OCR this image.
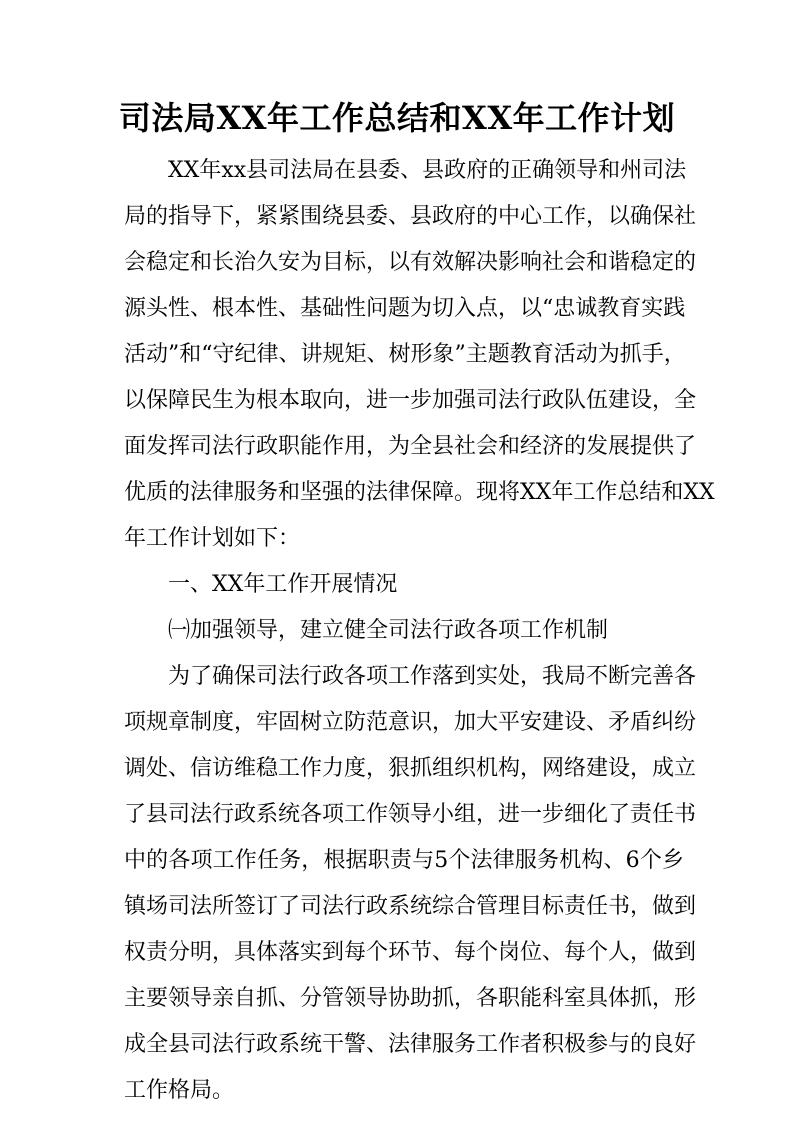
司法局XX年工作总结和XX年工作计划
XX年xx县司法局在县委、县政府的正确领导和州司法
局的指导下，紧紧围绕县委、县政府的中心工作，以确保社
会稳定和长治久安为目标，以有效解决影响社会和谐稳定的
源头性、根本性、基础性问题为切入点，以“忠诚教育实践
活动”和“守纪律、讲规矩、树形象”主题教育活动为抓手，
以保障民生为根本取向，进一步加强司法行政队伍建设，全
面发挥司法行政职能作用，为全县社会和经济的发展提供了
优质的法律服务和坚强的法律保障。现将XX年工作总结和XX
年工作计划如下：
一、XX年工作开展情况
㈠加强领导，建立健全司法行政各项工作机制
为了确保司法行政各项工作落到实处，我局不断完善各
项规章制度，牢固树立防范意识，加大平安建设、矛盾纠纷
调处、信访维稳工作力度，狠抓组织机构，网络建设，成立
了县司法行政系统各项工作领导小组，进一步细化了责任书
中的各项工作任务，根据职责与5个法律服务机构、6个乡
镇场司法所签订了司法行政系统综合管理目标责任书，做到
权责分明，具体落实到每个环节、每个岗位、每个人，做到
主要领导亲自抓、分管领导协助抓，各职能科室具体抓，形
成全县司法行政系统干警、法律服务工作者积极参与的良好
工作格局。
